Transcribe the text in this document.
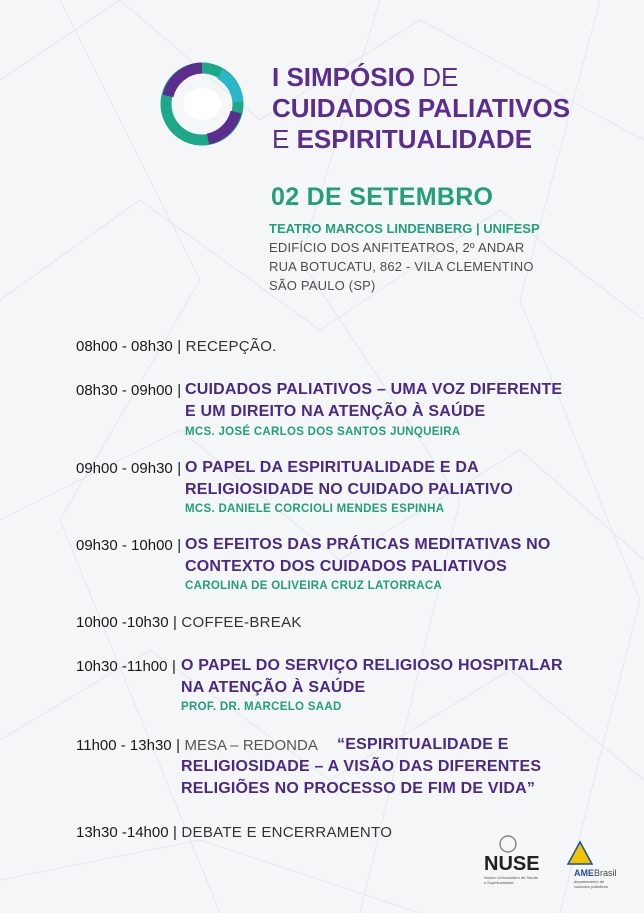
I SIMPÓSIO DE
CUIDADOS PALIATIVOS
E ESPIRITUALIDADE
02 DE SETEMBRO
TEATRO MARCOS LINDENBERG | UNIFESP
EDIFÍCIO DOS ANFITEATROS, 2º ANDAR
RUA BOTUCATU, 862 - VILA CLEMENTINO
SÃO PAULO (SP)
08h00 - 08h30 | RECEPÇÃO.
08h30 - 09h00 | CUIDADOS PALIATIVOS – UMA VOZ DIFERENTE
E UM DIREITO NA ATENÇÃO À SAÚDE
MCS. JOSÉ CARLOS DOS SANTOS JUNQUEIRA
09h00 - 09h30 | O PAPEL DA ESPIRITUALIDADE E DA
RELIGIOSIDADE NO CUIDADO PALIATIVO
MCS. DANIELE CORCIOLI MENDES ESPINHA
09h30 - 10h00 | OS EFEITOS DAS PRÁTICAS MEDITATIVAS NO
CONTEXTO DOS CUIDADOS PALIATIVOS
CAROLINA DE OLIVEIRA CRUZ LATORRACA
10h00 -10h30 | COFFEE-BREAK
10h30 -11h00 | O PAPEL DO SERVIÇO RELIGIOSO HOSPITALAR
NA ATENÇÃO À SAÚDE
PROF. DR. MARCELO SAAD
11h00 - 13h30 | MESA – REDONDA “ESPIRITUALIDADE E
RELIGIOSIDADE – A VISÃO DAS DIFERENTES
RELIGIÕES NO PROCESSO DE FIM DE VIDA”
13h30 -14h00 | DEBATE E ENCERRAMENTO
NUSE
Núcleo Universitário de Saúde
e Espiritualidade
AME Brasil
departamento de
cuidados paliativos
